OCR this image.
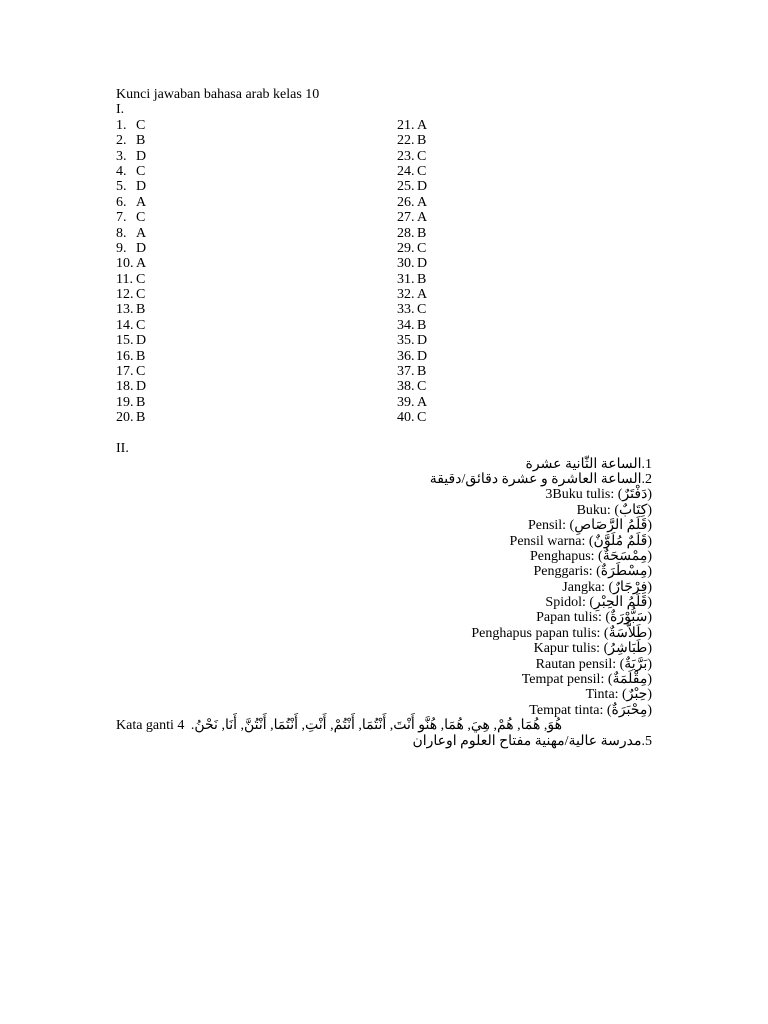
Kunci jawaban bahasa arab kelas 10
I.
1. C
2. B
3. D
4. C
5. D
6. A
7. C
8. A
9. D
10. A
11. C
12. C
13. B
14. C
15. D
16. B
17. C
18. D
19. B
20. B
21. A
22. B
23. C
24. C
25. D
26. A
27. A
28. B
29. C
30. D
31. B
32. A
33. C
34. B
35. D
36. D
37. B
38. C
39. A
40. C
II.
1.الساعة الثّانية عشرة
2.الساعة العاشرة و عشرة دقائق/دقيقة
3Buku tulis: (دَفْتَرٌ)
Buku: (كِتَابٌ)
Pensil: (قَلَمُ الرَّصَاصِ)
Pensil warna: (قَلَمٌ مُلَوَّنٌ)
Penghapus: (مِمْسَحَةٌ)
Penggaris: (مِسْطَرَةٌ)
Jangka: (فِرْجَارٌ)
Spidol: (قَلَمُ الحِبْرِ)
Papan tulis: (سَبُّوْرَةٌ)
Penghapus papan tulis: (طَلاَّسَةٌ)
Kapur tulis: (طَبَاشِرُ)
Rautan pensil: (بَرَّيَةٌ)
Tempat pensil: (مِقْلَمَةٌ)
Tinta: (حِبْرٌ)
Tempat tinta: (مِحْبَرَةٌ)
Kata ganti 4 هُوَ, هُمَا, هُمْ, هِيَ, هُمَا, هُنَّو أَنْتَ, أَنْتُمَا, أَنْتُمْ, أَنْتِ, أَنْتُمَا, أَنْتُنَّ, أَنَا, نَحْنُ.
5.مدرسة عالية/مهنية مفتاح العلوم اوعاران
